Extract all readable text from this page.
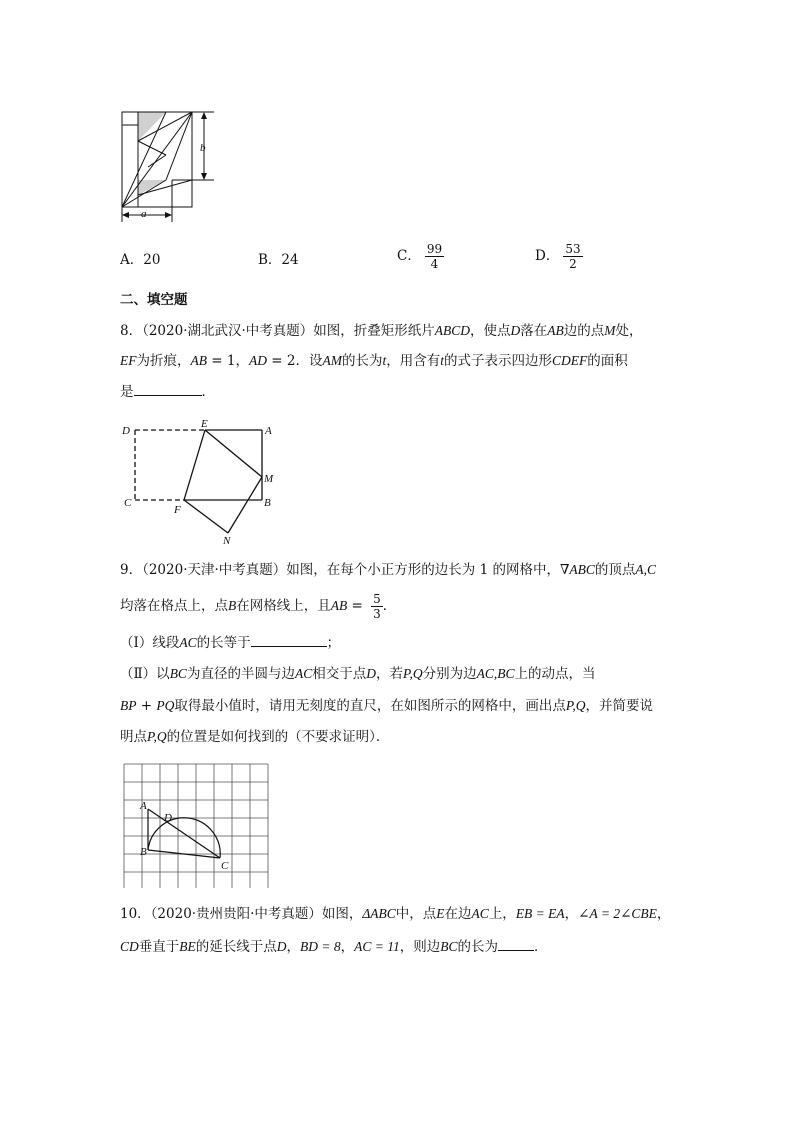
b
a
A．20	B．24	C． $\frac{99}{4}$	D． $\frac{53}{2}$
二、填空题
8．（2020·湖北武汉·中考真题）如图，折叠矩形纸片ABCD，使点D落在AB边的点M处，
EF为折痕，AB = 1，AD = 2．设AM的长为t，用含有t的式子表示四边形CDEF的面积
是	．
D
E
A
M
C
F
B
N
9．（2020·天津·中考真题）如图，在每个小正方形的边长为 1 的网格中，∇ABC的顶点A,C
均落在格点上，点B在网格线上，且AB = $\frac{5}{3}$ ．
（Ⅰ）线段AC的长等于	；
（Ⅱ）以BC为直径的半圆与边AC相交于点D，若P,Q分别为边AC,BC上的动点，当
BP + PQ取得最小值时，请用无刻度的直尺，在如图所示的网格中，画出点P,Q，并简要说
明点P,Q的位置是如何找到的（不要求证明）．
A
D
B
C
10．（2020·贵州贵阳·中考真题）如图，ΔABC中，点E在边AC上，EB = EA，∠A = 2∠CBE，
CD垂直于BE的延长线于点D，BD = 8，AC = 11，则边BC的长为	．
